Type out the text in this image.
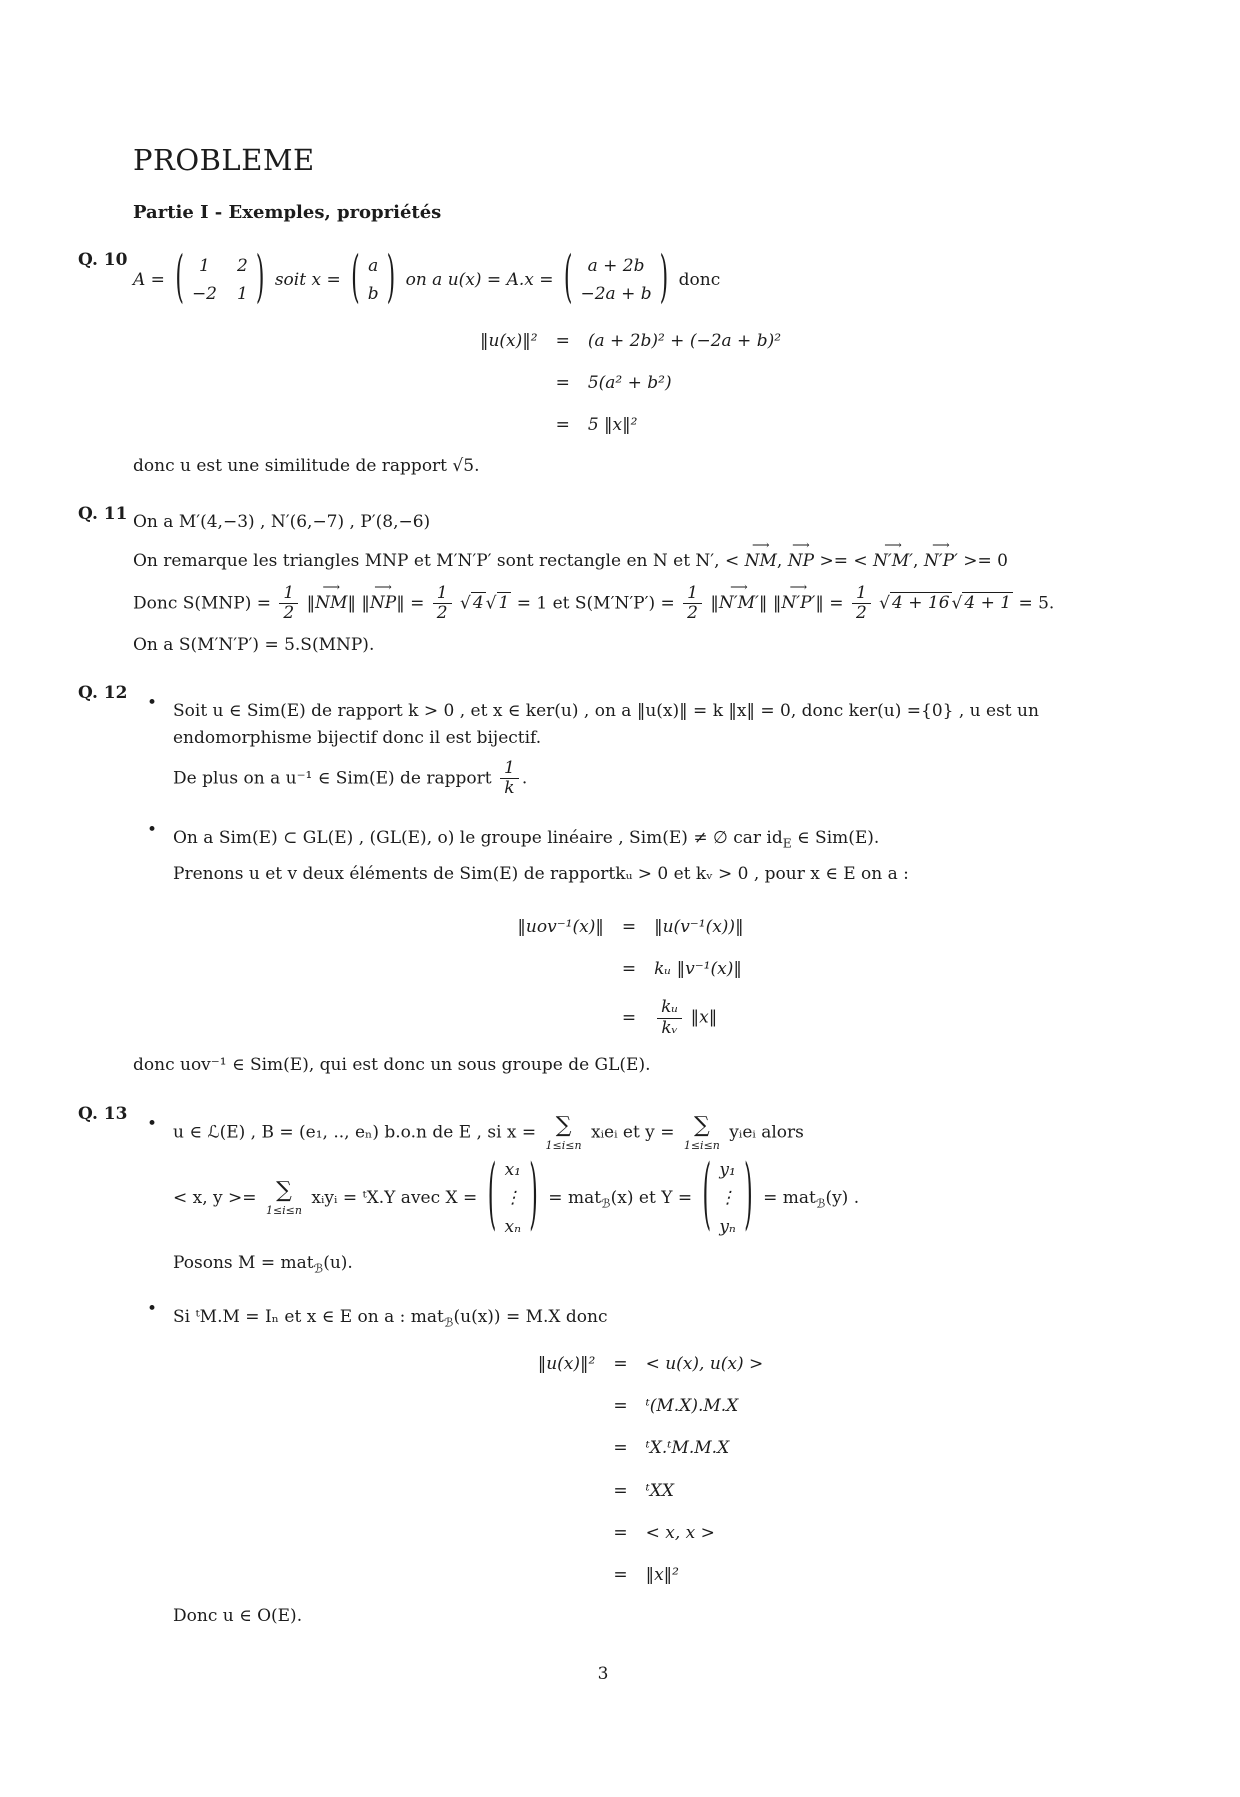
PROBLEME
Partie I - Exemples, propriétés
Q. 10
A =
(
1	2
−2 1
)
soit x =
(
a
b
)
on a u(x) = A.x =
(
a + 2b
−2a + b
)
donc
‖u(x)‖²	=	(a + 2b)² + (−2a + b)²
=	5(a² + b²)
=	5 ‖x‖²

donc u est une similitude de rapport √5.

Q. 11 On a M′(4,−3) , N′(6,−7) , P′(8,−6)

On remarque les triangles MNP et M′N′P′ sont rectangle en N et N′, < ⟶ NM, ⟶ NP >= < ⟶ N′M′, ⟶ N′P′ >= 0
Donc $S(MNP) = \frac{1}{2}$ ‖⟶ NM‖ ‖⟶ NP‖ = $\frac{1}{2}$ √ 4 √ 1 = 1 et $S(M'N'P') = \frac{1}{2}$ ‖⟶ N′M′‖ ‖⟶ N′P′‖ = $\frac{1}{2}$ √ 4 + 16 √ 4 + 1 = 5.

On a S(M′N′P′) = 5.S(MNP).

Q. 12	• Soit u ∈ Sim(E) de rapport k > 0 , et x ∈ ker(u) , on a ‖u(x)‖ = k ‖x‖ = 0, donc ker(u) ={0} , u est un endomorphisme bijectif donc il est bijectif.

De plus on a u⁻¹ ∈ Sim(E) de rapport $\frac{1}{k}$ .

• On a Sim(E) ⊂ GL(E) , (GL(E), o) le groupe linéaire , Sim(E) ≠ ∅ car $id_E$ ∈ Sim(E).

Prenons u et v deux éléments de Sim(E) de rapportkᵤ > 0 et kᵥ > 0 , pour x ∈ E on a :

‖uov⁻¹(x)‖	=	‖u(v⁻¹(x))‖
=	kᵤ ‖v⁻¹(x)‖
=	$\frac{\text{kᵤ}}{\text{kᵥ}}$ ‖x‖

donc uov⁻¹ ∈ Sim(E), qui est donc un sous groupe de GL(E).

Q. 13	• u ∈ ℒ(E) , B = (e₁, .., eₙ) b.o.n de E , si x = ∑
1≤i≤n
xᵢeᵢ et y = ∑
1≤i≤n
yᵢeᵢ alors
< x, y >= ∑
1≤i≤n
xᵢyᵢ = ᵗX.Y avec X =
(
x₁
⋮
xₙ
)
= mat$_ℬ$(x) et Y =
(
y₁
⋮
yₙ
)
= mat$_ℬ$(y) .

Posons M = mat$_ℬ$(u).

• Si ᵗM.M = Iₙ et x ∈ E on a : mat$_ℬ$(u(x)) = M.X donc

‖u(x)‖²	=	< u(x), u(x) >
=	ᵗ(M.X).M.X
=	ᵗX.ᵗM.M.X
=	ᵗXX
=	< x, x >
=	‖x‖²

Donc u ∈ O(E).

3
